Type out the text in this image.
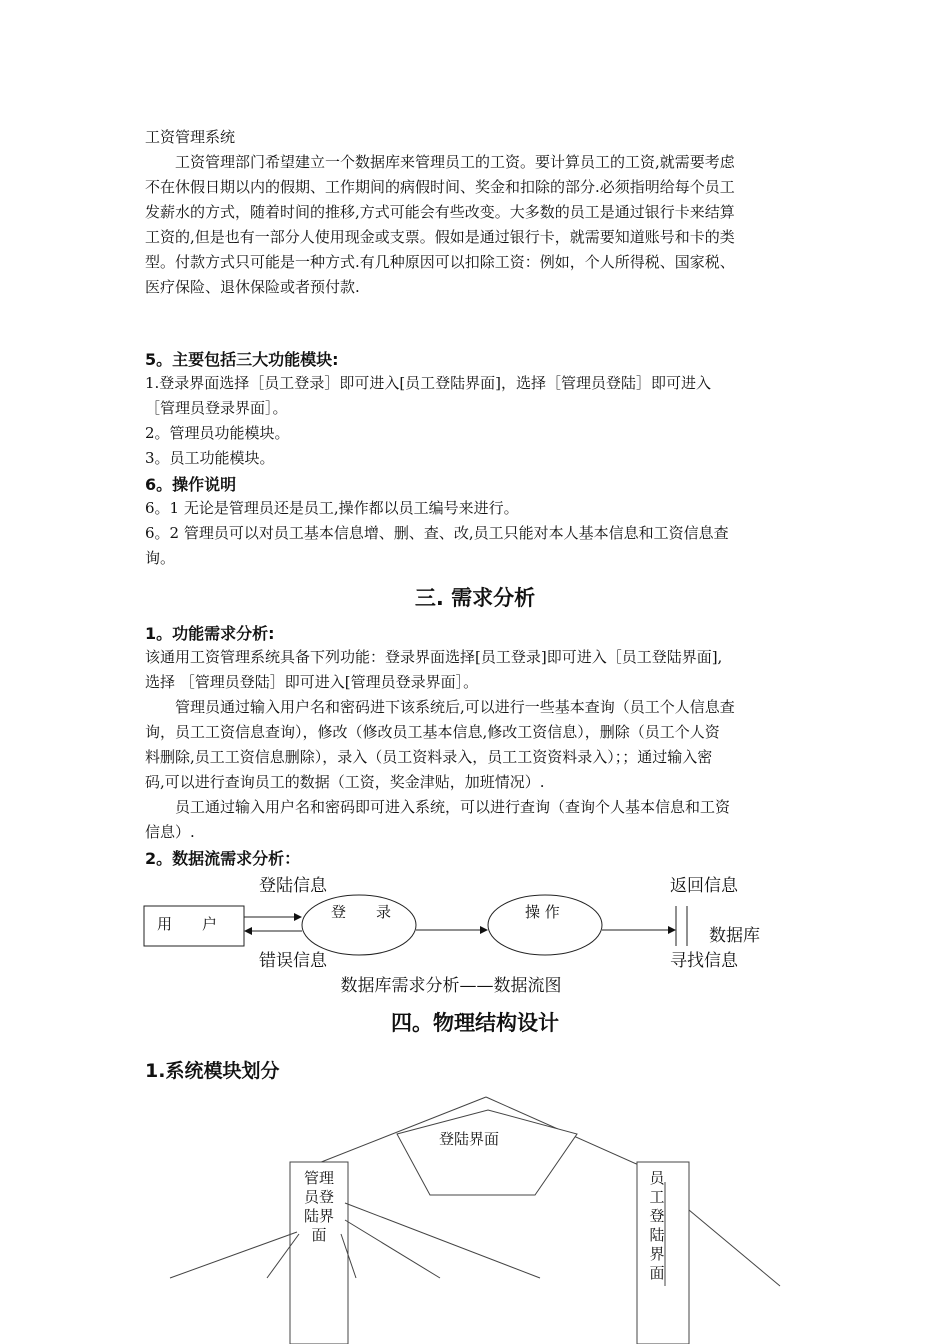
工资管理系统
　　工资管理部门希望建立一个数据库来管理员工的工资。要计算员工的工资,就需要考虑
不在休假日期以内的假期、工作期间的病假时间、奖金和扣除的部分.必须指明给每个员工
发薪水的方式，随着时间的推移,方式可能会有些改变。大多数的员工是通过银行卡来结算
工资的,但是也有一部分人使用现金或支票。假如是通过银行卡，就需要知道账号和卡的类
型。付款方式只可能是一种方式.有几种原因可以扣除工资：例如，个人所得税、国家税、
医疗保险、退休保险或者预付款.
5。主要包括三大功能模块:
1.登录界面选择［员工登录］即可进入[员工登陆界面]，选择［管理员登陆］即可进入
［管理员登录界面］。
2。管理员功能模块。
3。员工功能模块。
6。操作说明
6。1 无论是管理员还是员工,操作都以员工编号来进行。
6。2 管理员可以对员工基本信息增、删、查、改,员工只能对本人基本信息和工资信息查
询。
三. 需求分析
1。功能需求分析:
该通用工资管理系统具备下列功能：登录界面选择[员工登录]即可进入［员工登陆界面],
选择 ［管理员登陆］即可进入[管理员登录界面］。
　　管理员通过输入用户名和密码进下该系统后,可以进行一些基本查询（员工个人信息查
询，员工工资信息查询），修改（修改员工基本信息,修改工资信息），删除（员工个人资
料删除,员工工资信息删除），录入（员工资料录入，员工工资资料录入）；；通过输入密
码,可以进行查询员工的数据（工资，奖金津贴，加班情况）.
　　员工通过输入用户名和密码即可进入系统，可以进行查询（查询个人基本信息和工资
信息）.
2。数据流需求分析：
登陆信息	返回信息
用　　户
登　　录	操 作
数据库
错误信息	寻找信息
数据库需求分析——数据流图
四。物理结构设计
1.系统模块划分
登陆界面
管理员登陆界面
员工登陆界面
